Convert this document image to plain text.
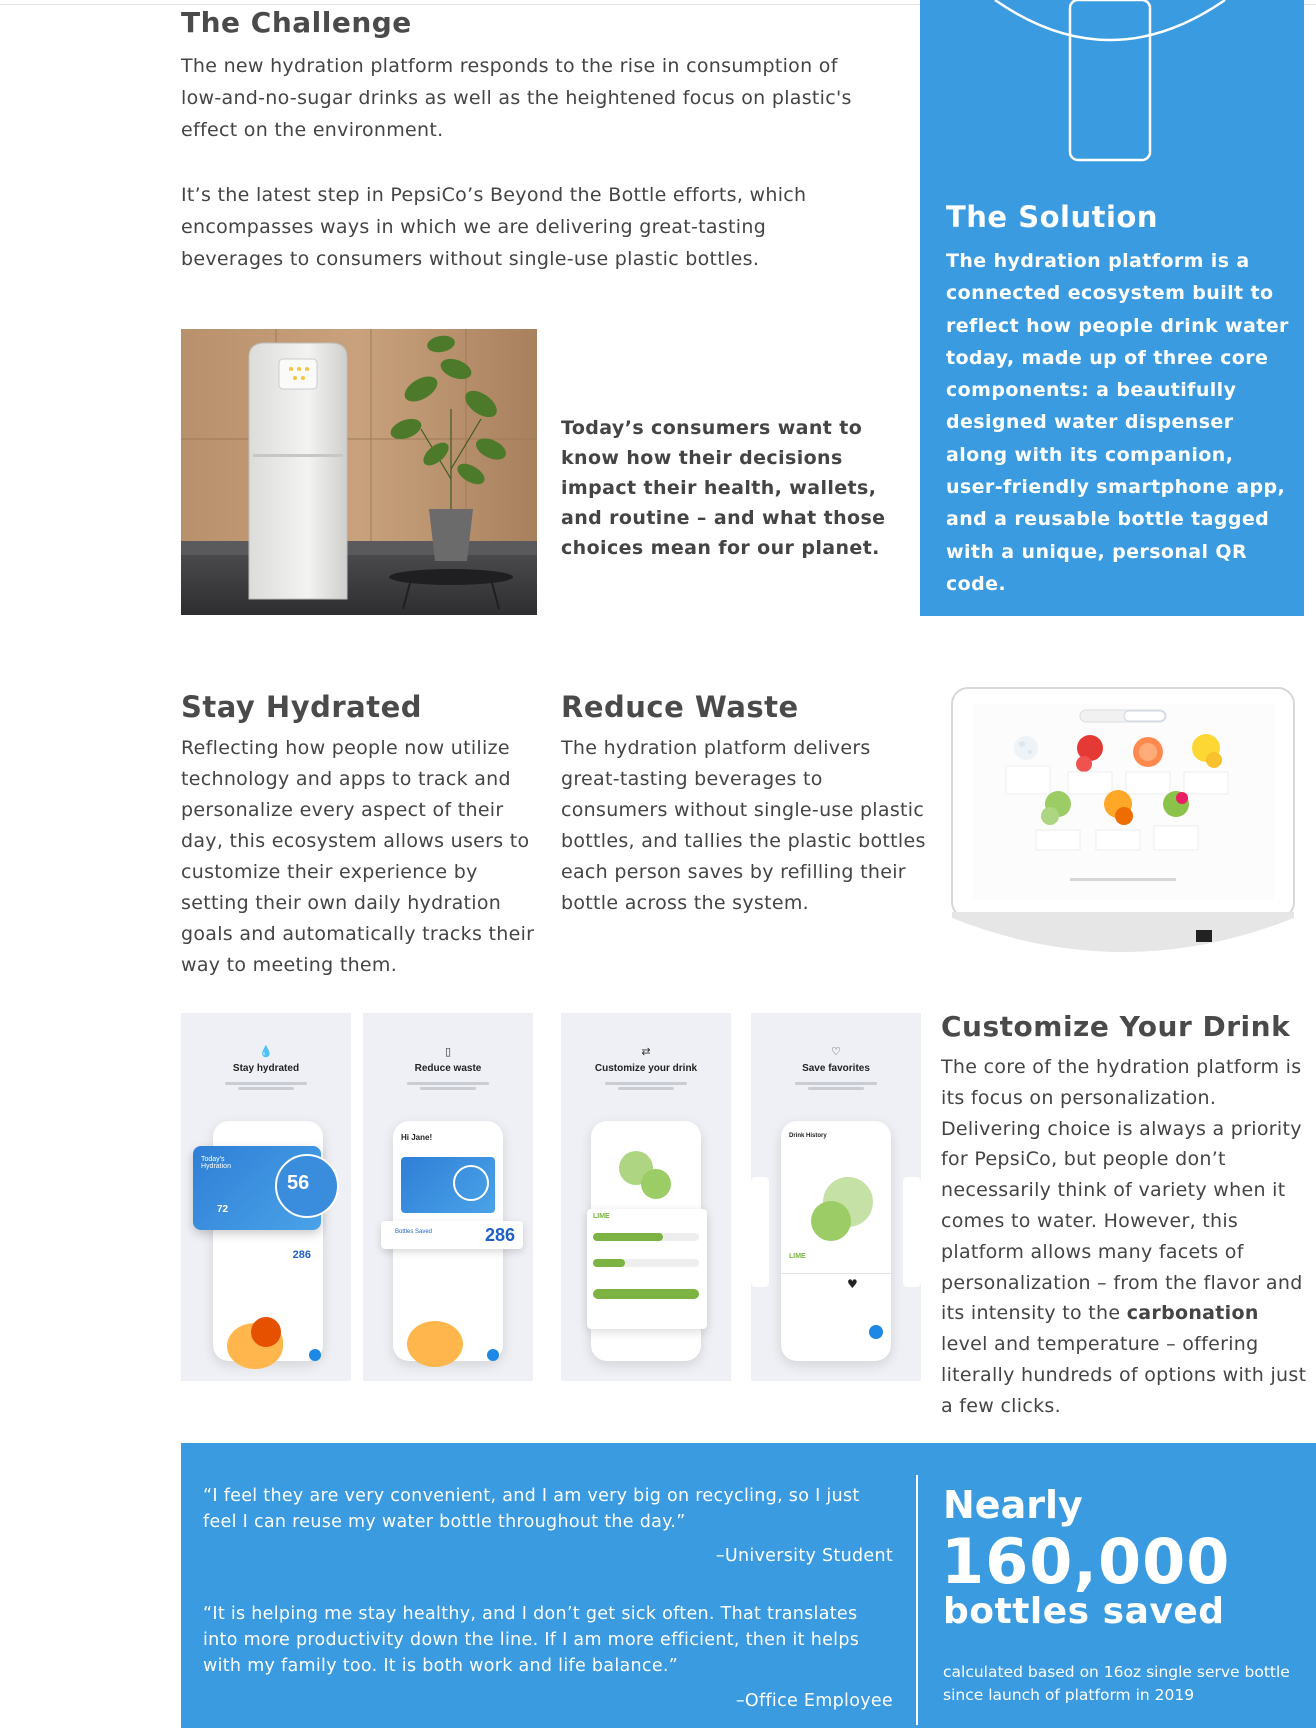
The Challenge

The new hydration platform responds to the rise in consumption of low-and-no-sugar drinks as well as the heightened focus on plastic's effect on the environment.

It’s the latest step in PepsiCo’s Beyond the Bottle efforts, which encompasses ways in which we are delivering great-tasting beverages to consumers without single-use plastic bottles.

The Solution

The hydration platform is a connected ecosystem built to reflect how people drink water today, made up of three core components: a beautifully designed water dispenser along with its companion, user-friendly smartphone app, and a reusable bottle tagged with a unique, personal QR code.

Today’s consumers want to know how their decisions impact their health, wallets, and routine – and what those choices mean for our planet.

Stay Hydrated

Reflecting how people now utilize technology and apps to track and personalize every aspect of their day, this ecosystem allows users to customize their experience by setting their own daily hydration goals and automatically tracks their way to meeting them.

Reduce Waste

The hydration platform delivers great-tasting beverages to consumers without single-use plastic bottles, and tallies the plastic bottles each person saves by refilling their bottle across the system.

💧
Stay hydrated
Today's Hydration
56
72
286
▯
Reduce waste
Hi Jane!
Bottles Saved	286
⇄
Customize your drink
LIME
♡
Save favorites
Drink History
LIME
♥
Customize Your Drink

The core of the hydration platform is its focus on personalization. Delivering choice is always a priority for PepsiCo, but people don’t necessarily think of variety when it comes to water. However, this platform allows many facets of personalization – from the flavor and its intensity to the carbonation level and temperature – offering literally hundreds of options with just a few clicks.

“I feel they are very convenient, and I am very big on recycling, so I just feel I can reuse my water bottle throughout the day.”

–University Student

“It is helping me stay healthy, and I don’t get sick often. That translates into more productivity down the line. If I am more efficient, then it helps with my family too. It is both work and life balance.”

–Office Employee

Nearly
160,000
bottles saved
calculated based on 16oz single serve bottle since launch of platform in 2019
